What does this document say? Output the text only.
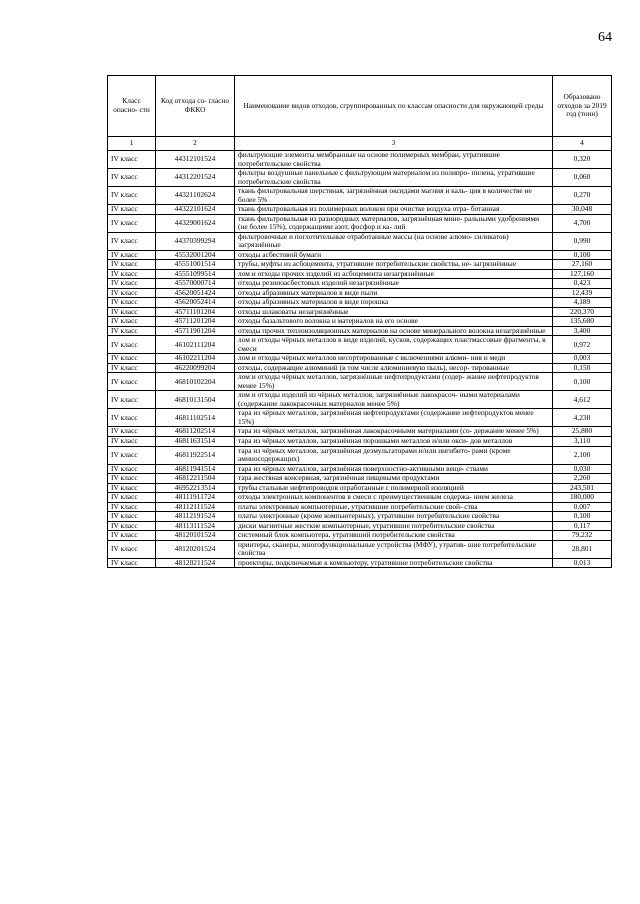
64
Класс опасно- сти	Код отхода со- гласно ФККО	Наименование видов отходов, сгруппированных по классам опасности для окружающей среды	Образовано отходов за 2019 год (тонн)
1	2	3	4
IV класс	44312101524	фильтрующие элементы мембранные на основе полимерных мембран, утратившие потребительские свойства	0,320
IV класс	44312201524	фильтры воздушные панельные с фильтрующим материалом из полипро- пилена, утратившие потребительские свойства	0,060
IV класс	44321102624	ткань фильтровальная шерстяная, загрязнённая оксидами магния и каль- ция в количестве не более 5%	0,270
IV класс	44322101624	ткань фильтровальная из полимерных волокон при очистке воздуха отра- ботанная	30,048
IV класс	44329001624	ткань фильтровальная из разнородных материалов, загрязнённая мине- ральными удобрениями (не более 15%), содержащими азот, фосфор и ка- лий	4,700
IV класс	44370399294	фильтровочные и поглотительные отработанные массы (на основе алюмо- силикатов) загрязнённые	0,990
IV класс	45532001204	отходы асбестовой бумаги	0,100
IV класс	45551001514	трубы, муфты из асбоцемента, утратившие потребительские свойства, не- загрязнённые	27,160
IV класс	45551099514	лом и отходы прочих изделий из асбоцемента незагрязнённые	127,160
IV класс	45570000714	отходы резиноасбестовых изделий незагрязнённые	0,423
IV класс	45620051424	отходы абразивных материалов в виде пыли	12,439
IV класс	45620052414	отходы абразивных материалов в виде порошка	4,189
IV класс	45711101204	отходы шлаковаты незагрязнённые	220,370
IV класс	45711201204	отходы базальтового волокна и материалов на его основе	135,680
IV класс	45711901204	отходы прочих теплоизоляционных материалов на основе минерального волокна незагрязнённые	3,400
IV класс	46102111204	лом и отходы чёрных металлов в виде изделий, кусков, содержащих пластмассовые фрагменты, в смеси	0,972
IV класс	46102211204	лом и отходы чёрных металлов несортированные с включениями алюми- ния и меди	0,003
IV класс	46220099204	отходы, содержащие алюминий (в том числе алюминиевую пыль), несор- тированные	0,150
IV класс	46810102204	лом и отходы чёрных металлов, загрязнённые нефтепродуктами (содер- жание нефтепродуктов менее 15%)	0,100
IV класс	46810131504	лом и отходы изделий из чёрных металлов, загрязнённые лакокрасоч- ными материалами (содержание лакокрасочных материалов менее 5%)	4,612
IV класс	46811102514	тара из чёрных металлов, загрязнённая нефтепродуктами (содержание нефтепродуктов менее 15%)	4,238
IV класс	46811202514	тара из чёрных металлов, загрязнённая лакокрасочными материалами (со- держание менее 5%)	25,880
IV класс	46811631514	тара из чёрных металлов, загрязнённая порошками металлов и/или окси- дов металлов	3,110
IV класс	46811922514	тара из чёрных металлов, загрязнённая деэмульгаторами и/или ингибито- рами (кроме аминосодержащих)	2,100
IV класс	46811941514	тара из чёрных металлов, загрязнённая поверхностно-активными веще- ствами	0,030
IV класс	46812211504	тара жестяная консервная, загрязнённая пищевыми продуктами	2,260
IV класс	46952213514	трубы стальные нефтепроводов отработанные с полимерной изоляцией	243,501
IV класс	48111911724	отходы электронных компонентов в смеси с преимущественным содержа- нием железа	180,000
IV класс	48112111524	платы электронные компьютерные, утратившие потребительские свой- ства	0,007
IV класс	48112191524	платы электронные (кроме компьютерных), утратившие потребительские свойства	0,100
IV класс	48113111524	диски магнитные жесткие компьютерные, утратившие потребительские свойства	0,117
IV класс	48120101524	системный блок компьютера, утративший потребительские свойства	79,232
IV класс	48120201524	принтеры, сканеры, многофункциональные устройства (МФУ), утратив- шие потребительские свойства	28,801
IV класс	48120211524	проекторы, подключаемые к компьютеру, утратившие потребительские свойства	0,013
